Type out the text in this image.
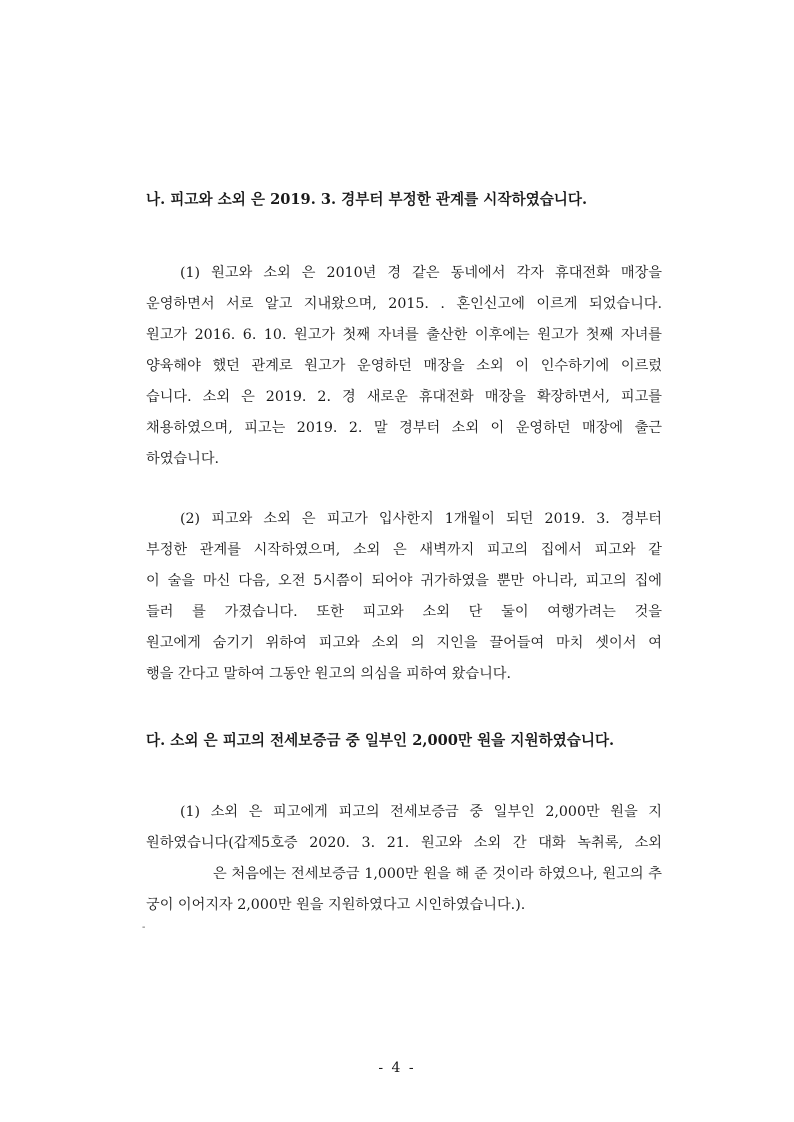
나. 피고와 소외 은 2019. 3. 경부터 부정한 관계를 시작하였습니다.
(1) 원고와 소외 은 2010년 경 같은 동네에서 각자 휴대전화 매장을
운영하면서 서로 알고 지내왔으며, 2015. . 혼인신고에 이르게 되었습니다.
원고가 2016. 6. 10. 원고가 첫째 자녀를 출산한 이후에는 원고가 첫째 자녀를
양육해야 했던 관계로 원고가 운영하던 매장을 소외 이 인수하기에 이르렀
습니다. 소외 은 2019. 2. 경 새로운 휴대전화 매장을 확장하면서, 피고를
채용하였으며, 피고는 2019. 2. 말 경부터 소외 이 운영하던 매장에 출근
하였습니다.
(2) 피고와 소외 은 피고가 입사한지 1개월이 되던 2019. 3. 경부터
부정한 관계를 시작하였으며, 소외 은 새벽까지 피고의 집에서 피고와 같
이 술을 마신 다음, 오전 5시쯤이 되어야 귀가하였을 뿐만 아니라, 피고의 집에
들러 를 가졌습니다. 또한 피고와 소외 단 둘이 여행가려는 것을
원고에게 숨기기 위하여 피고와 소외 의 지인을 끌어들여 마치 셋이서 여
행을 간다고 말하여 그동안 원고의 의심을 피하여 왔습니다.
다. 소외 은 피고의 전세보증금 중 일부인 2,000만 원을 지원하였습니다.
(1) 소외 은 피고에게 피고의 전세보증금 중 일부인 2,000만 원을 지
원하였습니다(갑제5호증 2020. 3. 21. 원고와 소외 간 대화 녹취록, 소외
은 처음에는 전세보증금 1,000만 원을 해 준 것이라 하였으나, 원고의 추
궁이 이어지자 2,000만 원을 지원하였다고 시인하였습니다.).
-
- 4 -
